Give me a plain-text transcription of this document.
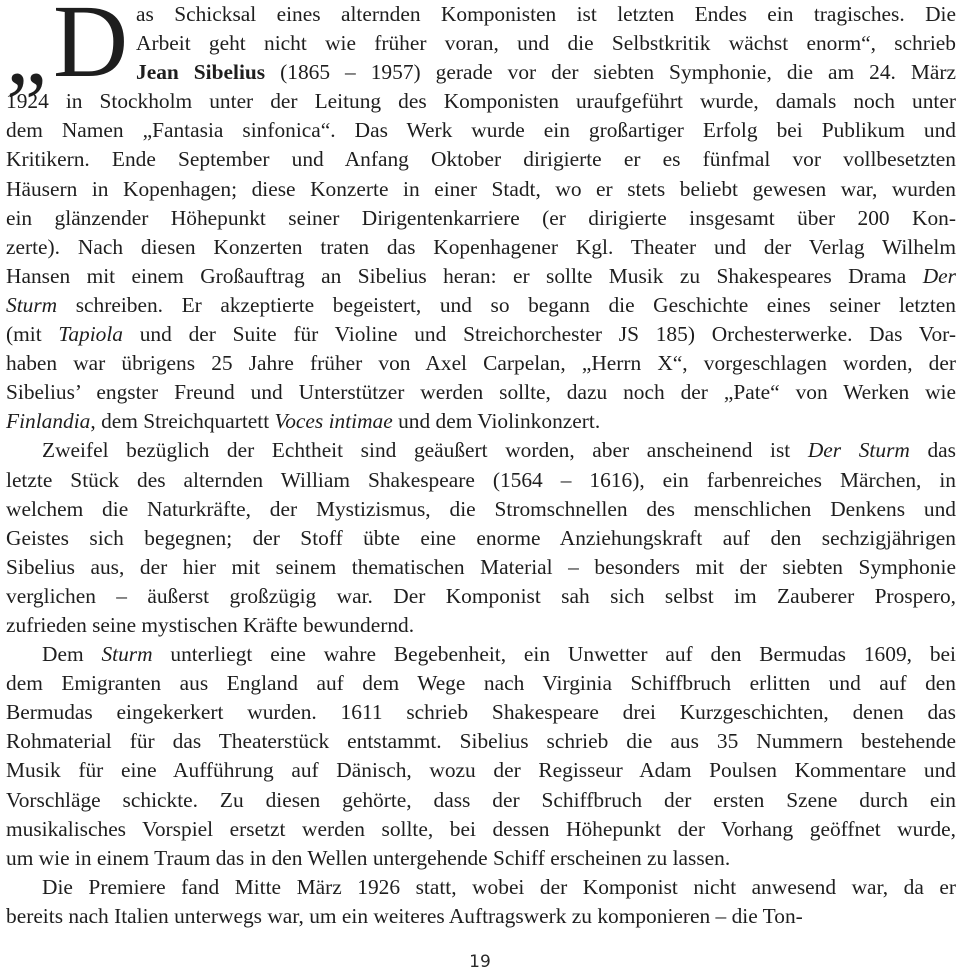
„ D as Schicksal eines alternden Komponisten ist letzten Endes ein tragisches. Die
Arbeit geht nicht wie früher voran, und die Selbstkritik wächst enorm“, schrieb
Jean Sibelius (1865 – 1957) gerade vor der siebten Symphonie, die am 24. März
1924 in Stockholm unter der Leitung des Komponisten uraufgeführt wurde, damals noch unter
dem Namen „Fantasia sinfonica“. Das Werk wurde ein großartiger Erfolg bei Publikum und
Kritikern. Ende September und Anfang Oktober dirigierte er es fünfmal vor vollbesetzten
Häusern in Kopenhagen; diese Konzerte in einer Stadt, wo er stets beliebt gewesen war, wurden
ein glänzender Höhepunkt seiner Dirigentenkarriere (er dirigierte insgesamt über 200 Kon-
zerte). Nach diesen Konzerten traten das Kopenhagener Kgl. Theater und der Verlag Wilhelm
Hansen mit einem Großauftrag an Sibelius heran: er sollte Musik zu Shakespeares Drama Der
Sturm schreiben. Er akzeptierte begeistert, und so begann die Geschichte eines seiner letzten
(mit Tapiola und der Suite für Violine und Streichorchester JS 185) Orchesterwerke. Das Vor-
haben war übrigens 25 Jahre früher von Axel Carpelan, „Herrn X“, vorgeschlagen worden, der
Sibelius’ engster Freund und Unterstützer werden sollte, dazu noch der „Pate“ von Werken wie
Finlandia, dem Streichquartett Voces intimae und dem Violinkonzert.
Zweifel bezüglich der Echtheit sind geäußert worden, aber anscheinend ist Der Sturm das
letzte Stück des alternden William Shakespeare (1564 – 1616), ein farbenreiches Märchen, in
welchem die Naturkräfte, der Mystizismus, die Stromschnellen des menschlichen Denkens und
Geistes sich begegnen; der Stoff übte eine enorme Anziehungskraft auf den sechzigjährigen
Sibelius aus, der hier mit seinem thematischen Material – besonders mit der siebten Symphonie
verglichen – äußerst großzügig war. Der Komponist sah sich selbst im Zauberer Prospero,
zufrieden seine mystischen Kräfte bewundernd.
Dem Sturm unterliegt eine wahre Begebenheit, ein Unwetter auf den Bermudas 1609, bei
dem Emigranten aus England auf dem Wege nach Virginia Schiffbruch erlitten und auf den
Bermudas eingekerkert wurden. 1611 schrieb Shakespeare drei Kurzgeschichten, denen das
Rohmaterial für das Theaterstück entstammt. Sibelius schrieb die aus 35 Nummern bestehende
Musik für eine Aufführung auf Dänisch, wozu der Regisseur Adam Poulsen Kommentare und
Vorschläge schickte. Zu diesen gehörte, dass der Schiffbruch der ersten Szene durch ein
musikalisches Vorspiel ersetzt werden sollte, bei dessen Höhepunkt der Vorhang geöffnet wurde,
um wie in einem Traum das in den Wellen untergehende Schiff erscheinen zu lassen.
Die Premiere fand Mitte März 1926 statt, wobei der Komponist nicht anwesend war, da er
bereits nach Italien unterwegs war, um ein weiteres Auftragswerk zu komponieren – die Ton-
19
